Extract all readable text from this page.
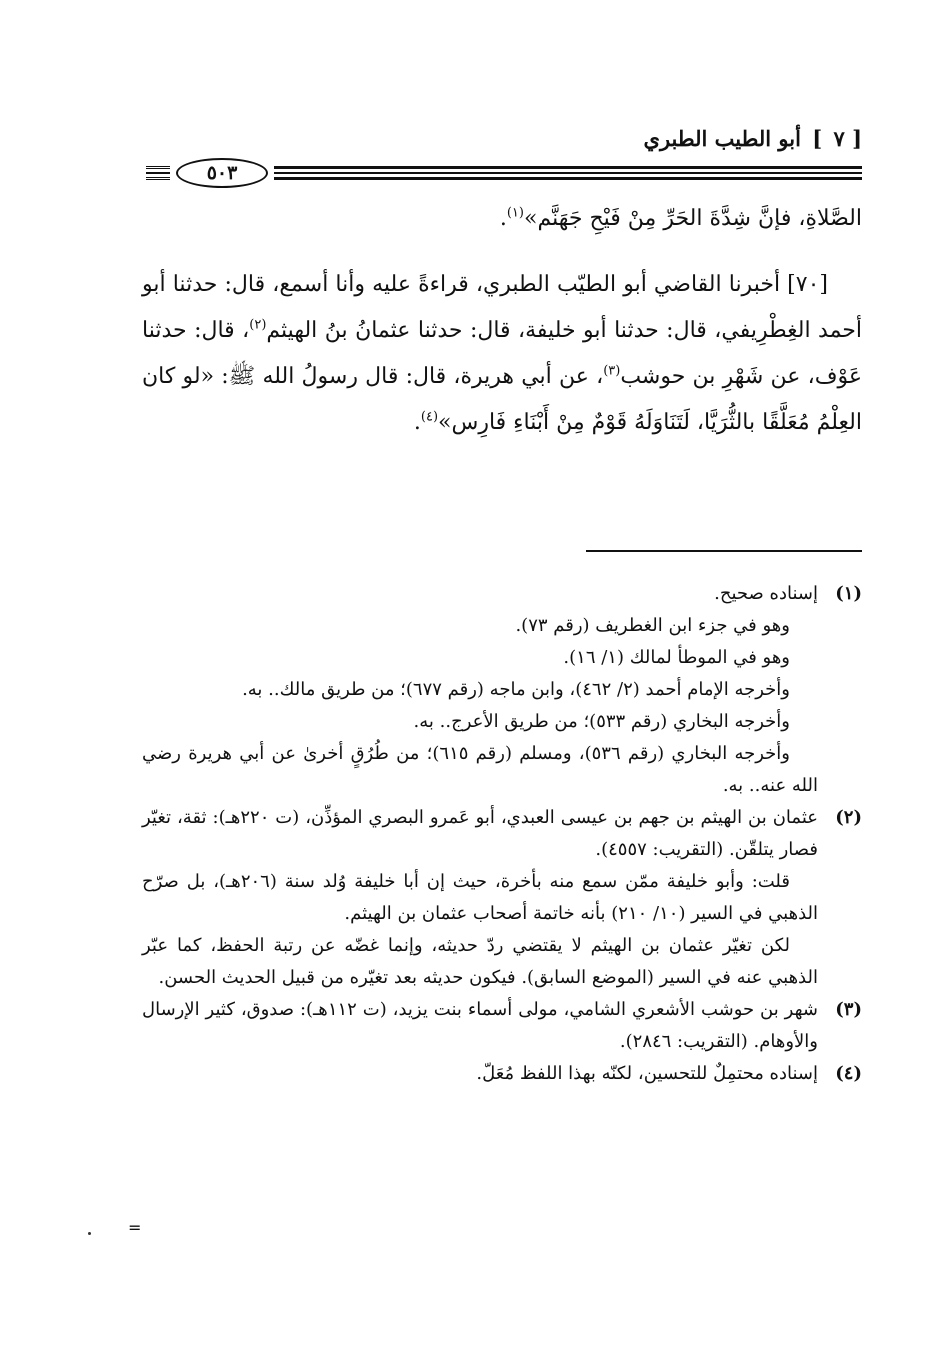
[ ٧ ] أبو الطيب الطبري
٥٠٣

الصَّلاةِ، فإنَّ شِدَّةَ الحَرِّ مِنْ فَيْحِ جَهَنَّم»$^{(١)}$.

[٧٠] أخبرنا القاضي أبو الطيّب الطبري، قراءةً عليه وأنا أسمع، قال: حدثنا أبو أحمد الغِطْرِيفي، قال: حدثنا أبو خليفة، قال: حدثنا عثمانُ بنُ الهيثم$^{(٢)}$، قال: حدثنا عَوْف، عن شَهْرِ بن حوشب$^{(٣)}$، عن أبي هريرة، قال: قال رسولُ الله ﷺ: «لو كان العِلْمُ مُعَلَّقًا بالثُّرَيَّا، لَتَنَاوَلَهُ قَوْمٌ مِنْ أَبْنَاءِ فَارِس»$^{(٤)}$.

(١)

إسناده صحيح.

وهو في جزء ابن الغطريف (رقم ٧٣).

وهو في الموطأ لمالك (١/ ١٦).

وأخرجه الإمام أحمد (٢/ ٤٦٢)، وابن ماجه (رقم ٦٧٧)؛ من طريق مالك.. به.

وأخرجه البخاري (رقم ٥٣٣)؛ من طريق الأعرج.. به.

وأخرجه البخاري (رقم ٥٣٦)، ومسلم (رقم ٦١٥)؛ من طُرُقٍ أخرىٰ عن أبي هريرة رضي الله عنه.. به.

(٢)

عثمان بن الهيثم بن جهم بن عيسى العبدي، أبو عَمرو البصري المؤذِّن، (ت ٢٢٠هـ): ثقة، تغيّر فصار يتلقّن. (التقريب: ٤٥٥٧).

قلت: وأبو خليفة ممّن سمع منه بأخرة، حيث إن أبا خليفة وُلد سنة (٢٠٦هـ)، بل صرّح الذهبي في السير (١٠/ ٢١٠) بأنه خاتمة أصحاب عثمان بن الهيثم.

لكن تغيّر عثمان بن الهيثم لا يقتضي ردّ حديثه، وإنما غضّه عن رتبة الحفظ، كما عبّر الذهبي عنه في السير (الموضع السابق). فيكون حديثه بعد تغيّره من قبيل الحديث الحسن.

(٣)

شهر بن حوشب الأشعري الشامي، مولى أسماء بنت يزيد، (ت ١١٢هـ): صدوق، كثير الإرسال والأوهام. (التقريب: ٢٨٤٦).

(٤)

إسناده محتمِلٌ للتحسين، لكنّه بهذا اللفظ مُعَلّ.

=
